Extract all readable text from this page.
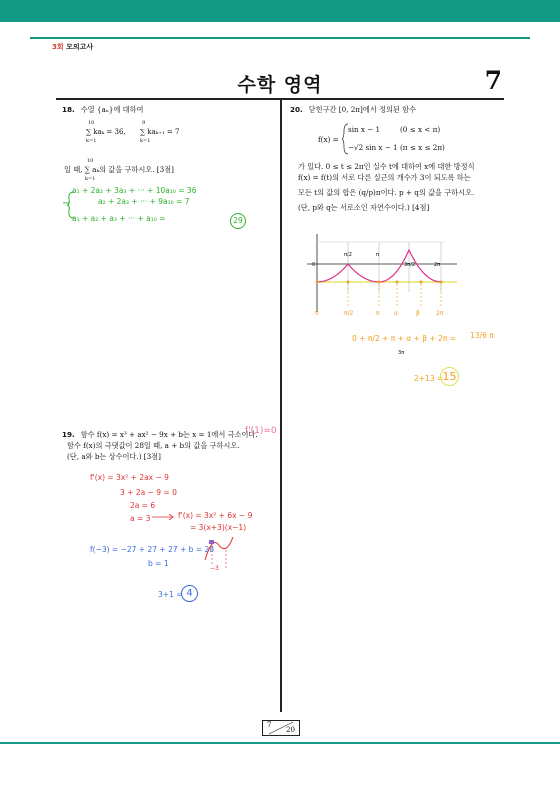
3회 모의고사
수학 영역	7
18. 수열 {aₙ}에 대하여
10
∑ kaₖ = 36,
k=1
9
∑ kaₖ₊₁ = 7
k=1
10
일 때, ∑ aₖ의 값을 구하시오. [3점]
k=1
a₁ + 2a₂ + 3a₃ + ··· + 10a₁₀ = 36
−	a₂ + 2a₃ + ··· + 9a₁₀ = 7
a₁ + a₂ + a₃ + ··· + a₁₀ =	29
19. 함수 f(x) = x³ + ax² − 9x + b는 x = 1에서 극소이다.
함수 f(x)의 극댓값이 28일 때, a + b의 값을 구하시오.
(단, a와 b는 상수이다.) [3점]
f'(1)=0
f'(x) = 3x² + 2ax − 9
3 + 2a − 9 = 0
2a = 6
a = 3	f'(x) = 3x² + 6x − 9
= 3(x+3)(x−1)
f(−3) = −27 + 27 + 27 + b = 28
b = 1
−3
3+1 = 4
20. 닫힌구간 [0, 2π]에서 정의된 함수
f(x) =
sin x − 1	(0 ≤ x < π)
−√2 sin x − 1 (π ≤ x ≤ 2π)
가 있다. 0 ≤ t ≤ 2π인 실수 t에 대하여 x에 대한 방정식
f(x) = f(t)의 서로 다른 실근의 개수가 3이 되도록 하는
모든 t의 값의 합은 (q/p)π이다. p + q의 값을 구하시오.
(단, p와 q는 서로소인 자연수이다.) [4점]
0
π/2	π
3π/2	2π
0	π/2	π α	β	2π
0 + π/2 + π + α + β + 2π = 13/6 π
3π
2+13 = 15
7
20
